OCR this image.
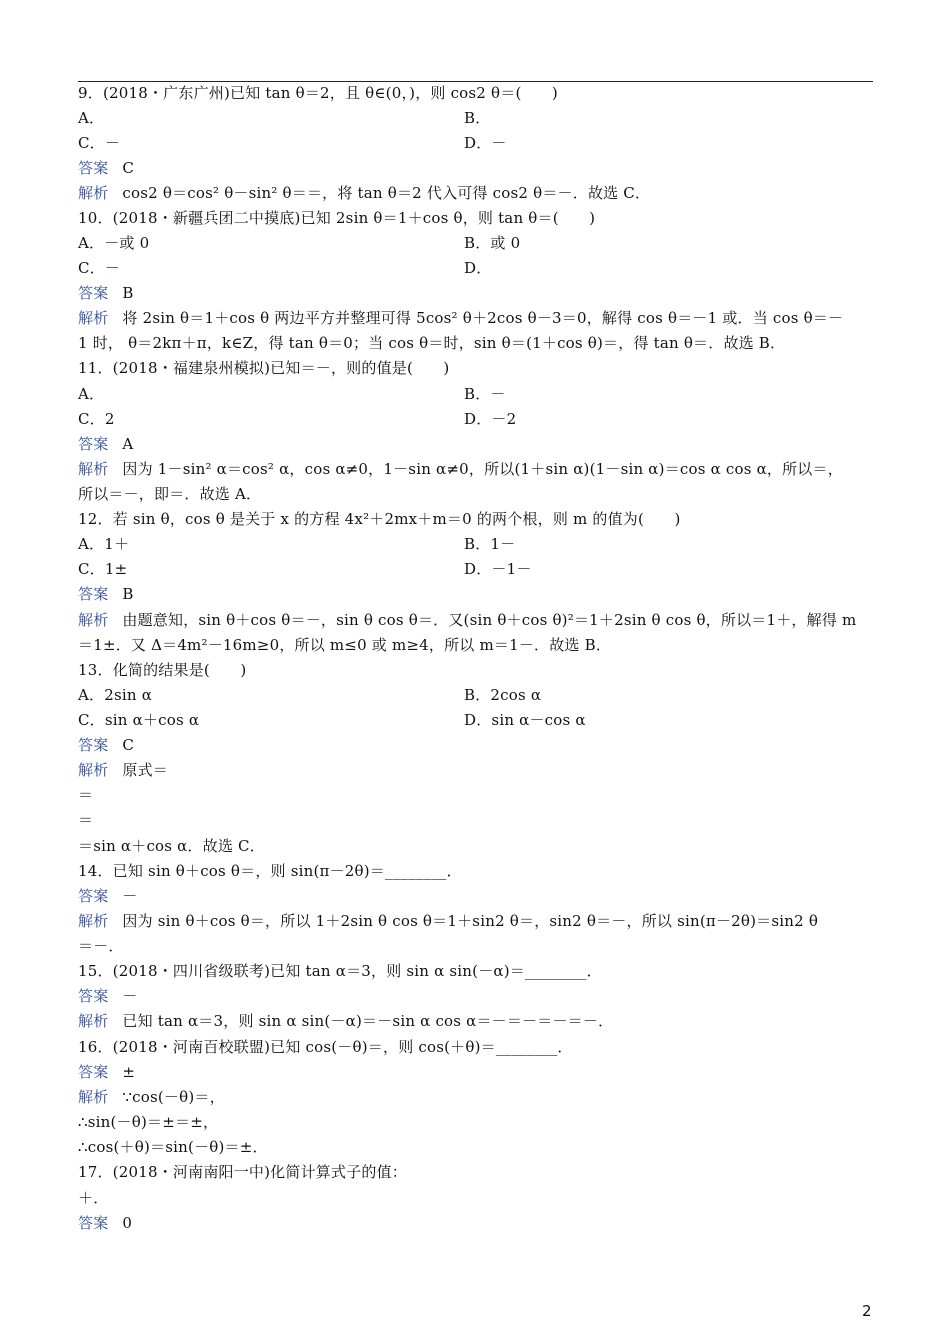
9．(2018・广东广州)已知 tan θ＝2，且 θ∈(0，)，则 cos2 θ＝(　　)
A．	B．
C．－	D．－
答案 C
解析 cos2 θ＝cos² θ－sin² θ＝＝，将 tan θ＝2 代入可得 cos2 θ＝－．故选 C．
10．(2018・新疆兵团二中摸底)已知 2sin θ＝1＋cos θ，则 tan θ＝(　　)
A．－或 0	B．或 0
C．－	D．
答案 B
解析 将 2sin θ＝1＋cos θ 两边平方并整理可得 5cos² θ＋2cos θ－3＝0，解得 cos θ＝－1 或．当 cos θ＝－
1 时， θ＝2kπ＋π，k∈Z，得 tan θ＝0；当 cos θ＝时，sin θ＝(1＋cos θ)＝，得 tan θ＝．故选 B．
11．(2018・福建泉州模拟)已知＝－，则的值是(　　)
A．	B．－
C．2	D．－2
答案 A
解析 因为 1－sin² α＝cos² α，cos α≠0，1－sin α≠0，所以(1＋sin α)(1－sin α)＝cos α cos α，所以＝，
所以＝－，即＝．故选 A．
12．若 sin θ，cos θ 是关于 x 的方程 4x²＋2mx＋m＝0 的两个根，则 m 的值为(　　)
A．1＋	B．1－
C．1±	D．－1－
答案 B
解析 由题意知，sin θ＋cos θ＝－，sin θ cos θ＝．又(sin θ＋cos θ)²＝1＋2sin θ cos θ，所以＝1＋，解得 m
＝1±．又 Δ＝4m²－16m≥0，所以 m≤0 或 m≥4，所以 m＝1－．故选 B．
13．化简的结果是(　　)
A．2sin α	B．2cos α
C．sin α＋cos α	D．sin α－cos α
答案 C
解析 原式＝
＝
＝
＝sin α＋cos α．故选 C．
14．已知 sin θ＋cos θ＝，则 sin(π－2θ)＝________．
答案 －
解析 因为 sin θ＋cos θ＝，所以 1＋2sin θ cos θ＝1＋sin2 θ＝，sin2 θ＝－，所以 sin(π－2θ)＝sin2 θ
＝－．
15．(2018・四川省级联考)已知 tan α＝3，则 sin α sin(－α)＝________．
答案 －
解析 已知 tan α＝3，则 sin α sin(－α)＝－sin α cos α＝－＝－＝－＝－．
16．(2018・河南百校联盟)已知 cos(－θ)＝，则 cos(＋θ)＝________．
答案 ±
解析 ∵cos(－θ)＝，
∴sin(－θ)＝±＝±，
∴cos(＋θ)＝sin(－θ)＝±．
17．(2018・河南南阳一中)化简计算式子的值：
＋．
答案 0
2
